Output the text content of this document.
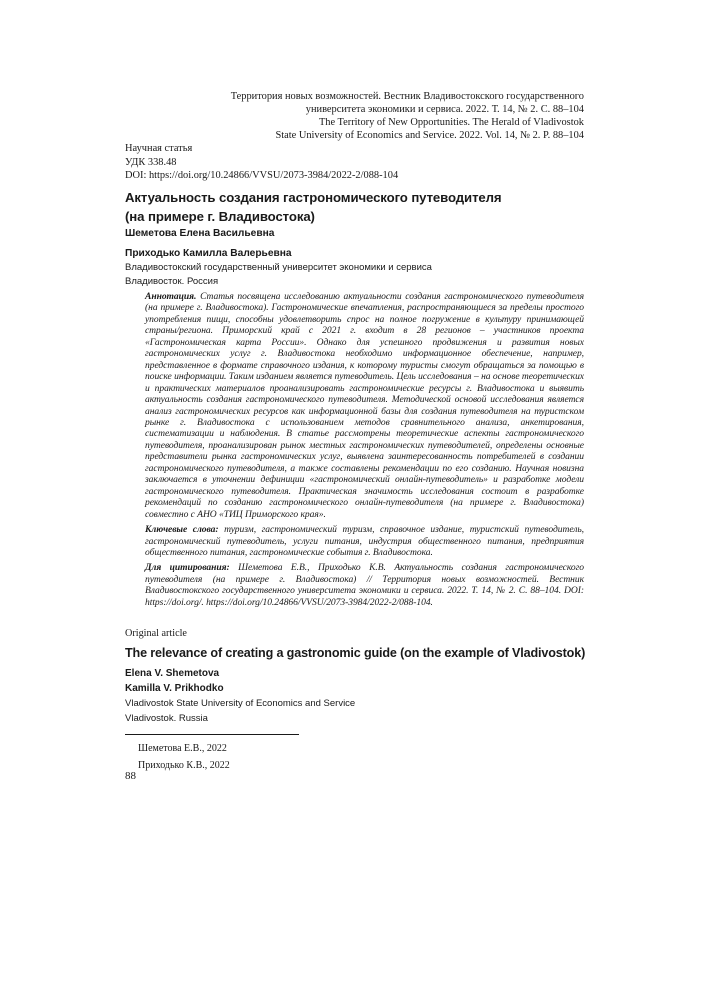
Территория новых возможностей. Вестник Владивостокского государственного
университета экономики и сервиса. 2022. Т. 14, № 2. С. 88–104
The Territory of New Opportunities. The Herald of Vladivostok
State University of Economics and Service. 2022. Vol. 14, № 2. P. 88–104
Научная статья
УДК 338.48
DOI: https://doi.org/10.24866/VVSU/2073-3984/2022-2/088-104
Актуальность создания гастрономического путеводителя
(на примере г. Владивостока)
Шеметова Елена Васильевна
Приходько Камилла Валерьевна
Владивостокский государственный университет экономики и сервиса
Владивосток. Россия

Аннотация. Статья посвящена исследованию актуальности создания гастрономического путеводителя (на примере г. Владивостока). Гастрономические впечатления, распространяющиеся за пределы простого употребления пищи, способны удовлетворить спрос на полное погружение в культуру принимающей страны/региона. Приморский край с 2021 г. входит в 28 регионов – участников проекта «Гастрономическая карта России». Однако для успешного продвижения и развития новых гастрономических услуг г. Владивостока необходимо информационное обеспечение, например, представленное в формате справочного издания, к которому туристы смогут обращаться за помощью в поиске информации. Таким изданием является путеводитель. Цель исследования – на основе теоретических и практических материалов проанализировать гастрономические ресурсы г. Владивостока и выявить актуальность создания гастрономического путеводителя. Методической основой исследования является анализ гастрономических ресурсов как информационной базы для создания путеводителя на туристском рынке г. Владивостока с использованием методов сравнительного анализа, анкетирования, систематизации и наблюдения. В статье рассмотрены теоретические аспекты гастрономического путеводителя, проанализирован рынок местных гастрономических путеводителей, определены основные представители рынка гастрономических услуг, выявлена заинтересованность потребителей в создании гастрономического путеводителя, а также составлены рекомендации по его созданию. Научная новизна заключается в уточнении дефиниции «гастрономический онлайн-путеводитель» и разработке модели гастрономического путеводителя. Практическая значимость исследования состоит в разработке рекомендаций по созданию гастрономического онлайн-путеводителя (на примере г. Владивостока) совместно с АНО «ТИЦ Приморского края».

Ключевые слова: туризм, гастрономический туризм, справочное издание, туристский путеводитель, гастрономический путеводитель, услуги питания, индустрия общественного питания, предприятия общественного питания, гастрономические события г. Владивостока.

Для цитирования: Шеметова Е.В., Приходько К.В. Актуальность создания гастрономического путеводителя (на примере г. Владивостока) // Территория новых возможностей. Вестник Владивостокского государственного университета экономики и сервиса. 2022. Т. 14, № 2. С. 88–104. DOI: https://doi.org/. https://doi.org/10.24866/VVSU/2073-3984/2022-2/088-104.

Original article
The relevance of creating a gastronomic guide (on the example of Vladivostok)
Elena V. Shemetova
Kamilla V. Prikhodko
Vladivostok State University of Economics and Service
Vladivostok. Russia
Шеметова Е.В., 2022
Приходько К.В., 2022
88
